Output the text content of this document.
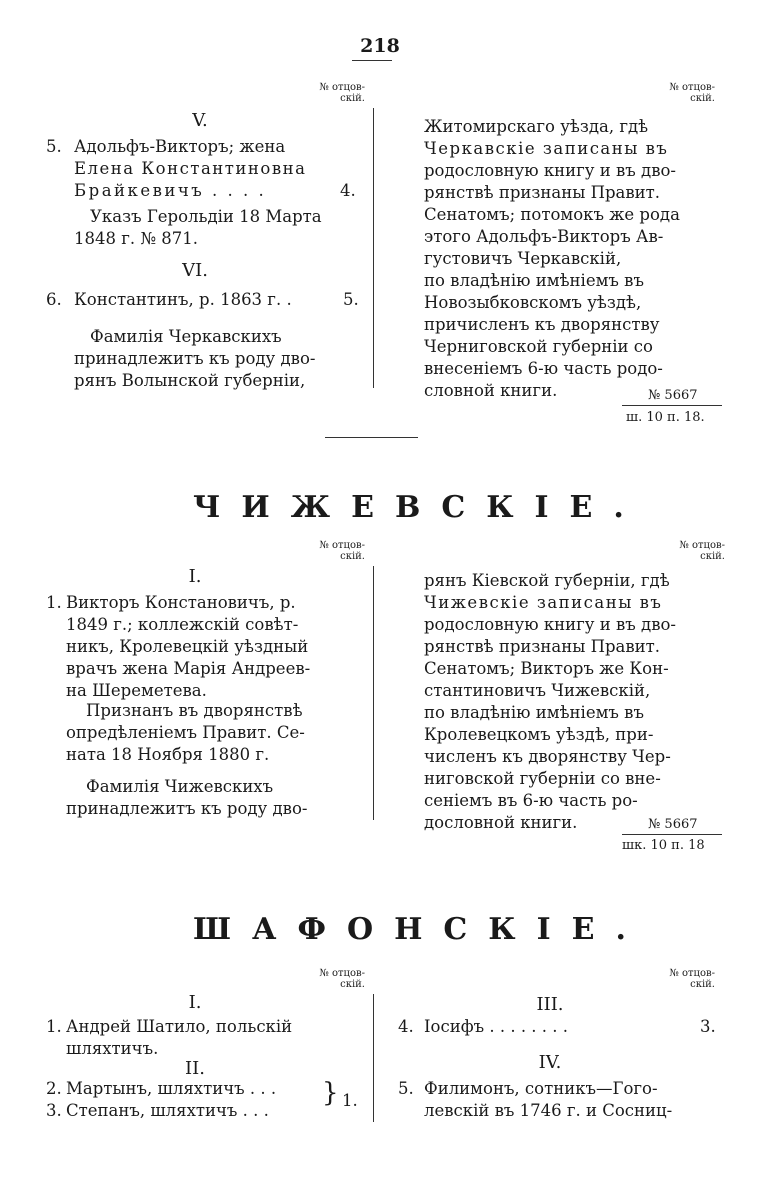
218
№ отцов-
скій.
№ отцов-
скій.
V.
5. Адольфъ-Викторъ; жена
Елена Константиновна
Брайкевичъ . . . .	4.
Указъ Герольдіи 18 Марта
1848 г. № 871.
VI.
6. Константинъ, р. 1863 г. .	5.
Фамилія Черкавскихъ
принадлежитъ къ роду дво-
рянъ Волынской губерніи,
Житомирскаго уѣзда, гдѣ
Черкавскіе записаны въ
родословную книгу и въ дво-
рянствѣ признаны Правит.
Сенатомъ; потомокъ же рода
этого Адольфъ-Викторъ Ав-
густовичъ Черкавскій,
по владѣнію имѣніемъ въ
Новозыбковскомъ уѣздѣ,
причисленъ къ дворянству
Черниговской губерніи со
внесеніемъ 6-ю часть родо-
словной книги.	№ 5667
ш. 10 п. 18.
ЧИЖЕВСКІЕ.
№ отцов-
скій.
№ отцов-
скій.
I.
1. Викторъ Констановичъ, р.
1849 г.; коллежскій совѣт-
никъ, Кролевецкій уѣздный
врачъ жена Марія Андреев-
на Шереметева.
Признанъ въ дворянствѣ
опредѣленіемъ Правит. Се-
ната 18 Ноября 1880 г.
Фамилія Чижевскихъ
принадлежитъ къ роду дво-
рянъ Кіевской губерніи, гдѣ
Чижевскіе записаны въ
родословную книгу и въ дво-
рянствѣ признаны Правит.
Сенатомъ; Викторъ же Кон-
стантиновичъ Чижевскій,
по владѣнію имѣніемъ въ
Кролевецкомъ уѣздѣ, при-
численъ къ дворянству Чер-
ниговской губерніи со вне-
сеніемъ въ 6-ю часть ро-
дословной книги.	№ 5667
шк. 10 п. 18
ШАФОНСКІЕ.
№ отцов-
скій.
№ отцов-
скій.
I.
1. Андрей Шатило, польскій
шляхтичъ.
II.
2. Мартынъ, шляхтичъ . . .
3. Степанъ, шляхтичъ . . .
} 1.
III.
4. Іосифъ . . . . . . . .	3.
IV.
5. Филимонъ, сотникъ—Гого-
левскій въ 1746 г. и Сосниц-
